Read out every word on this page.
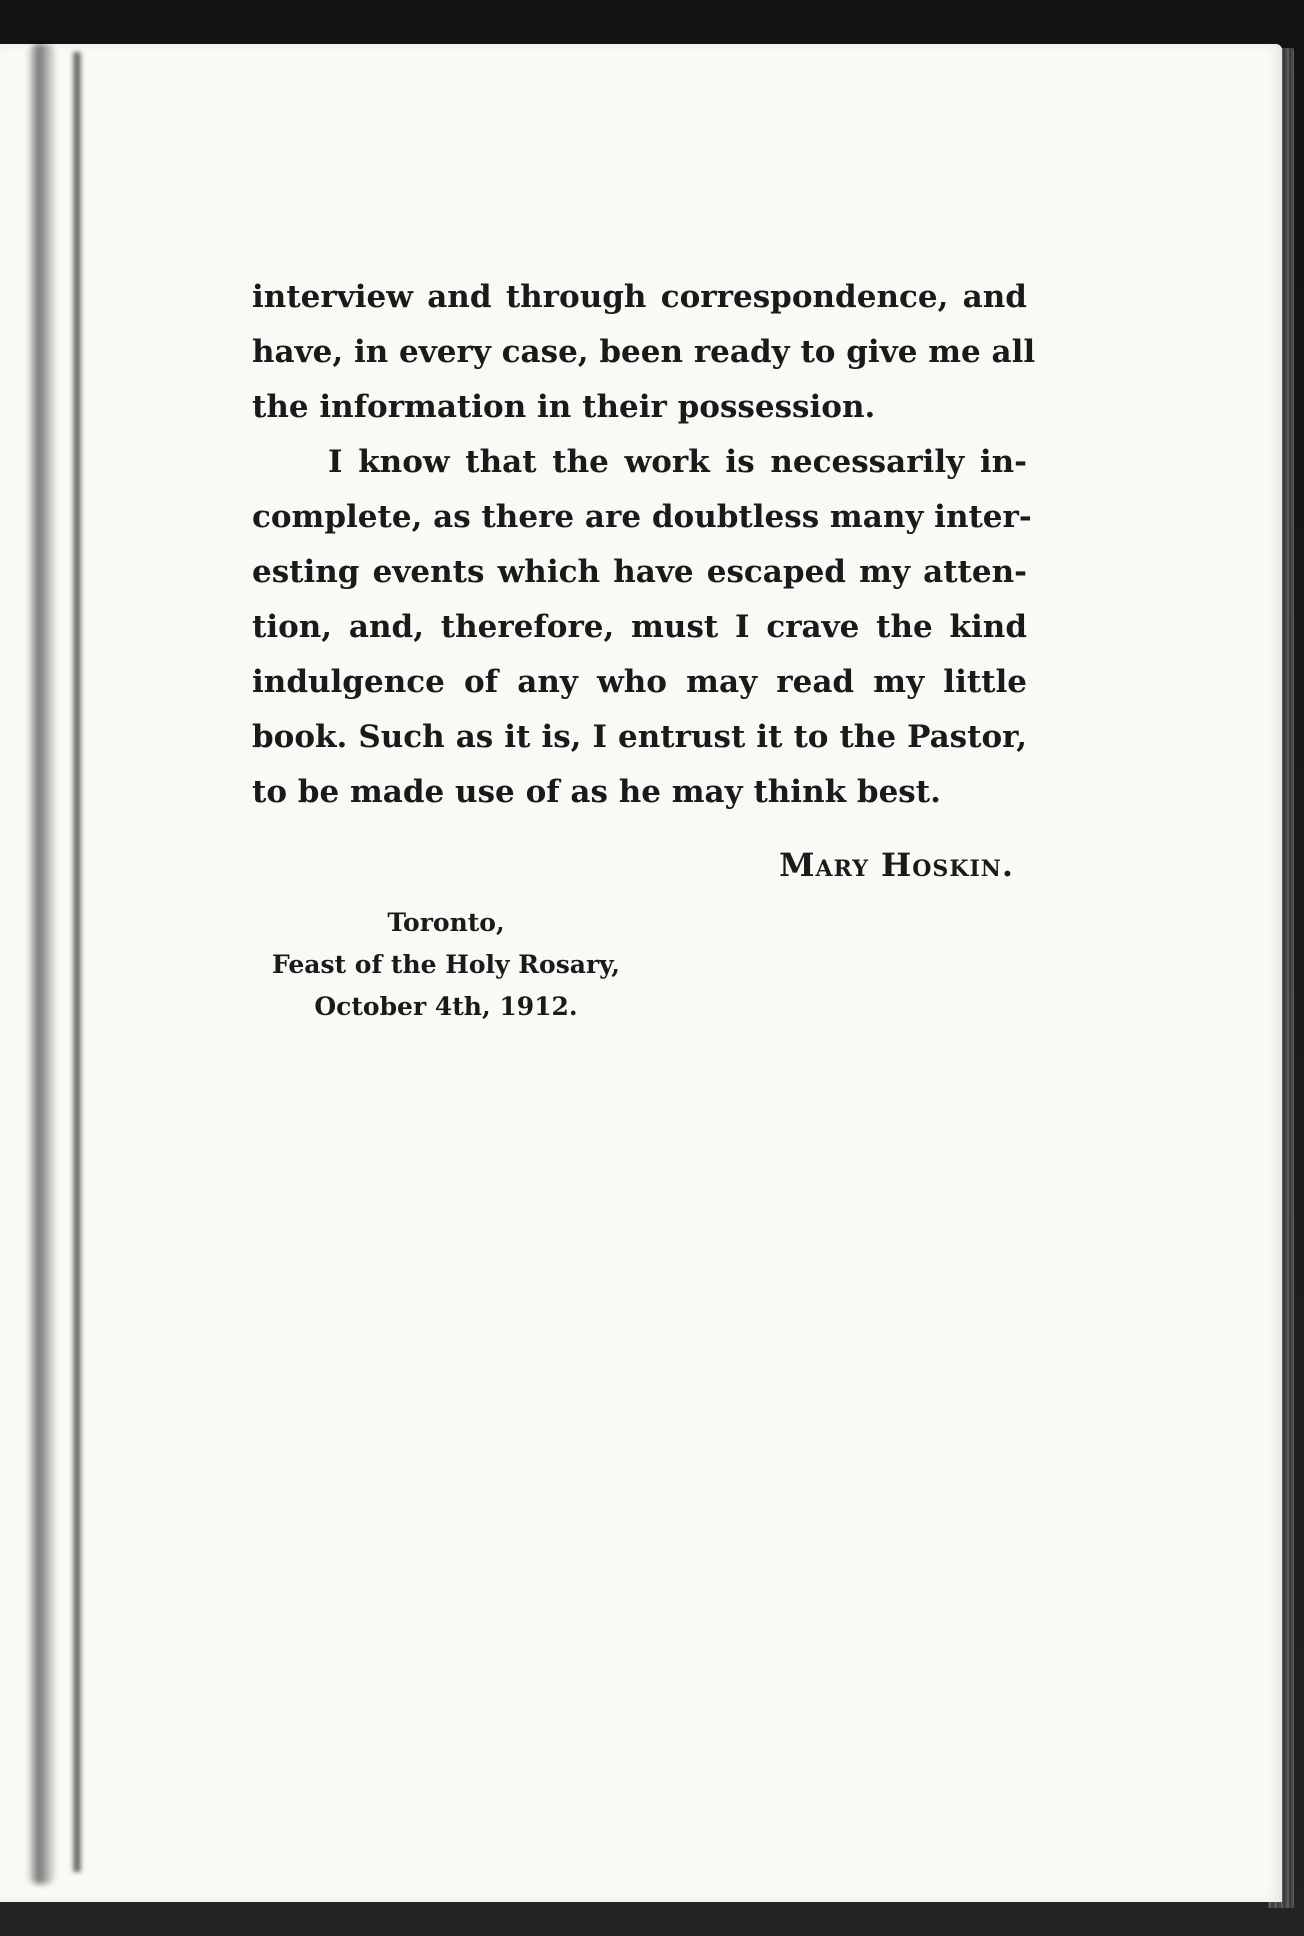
interview and through correspondence, and
have, in every case, been ready to give me all
the information in their possession.
I know that the work is necessarily in-
complete, as there are doubtless many inter-
esting events which have escaped my atten-
tion, and, therefore, must I crave the kind
indulgence of any who may read my little
book. Such as it is, I entrust it to the Pastor,
to be made use of as he may think best.
Mary Hoskin.
Toronto,
Feast of the Holy Rosary,
October 4th, 1912.
